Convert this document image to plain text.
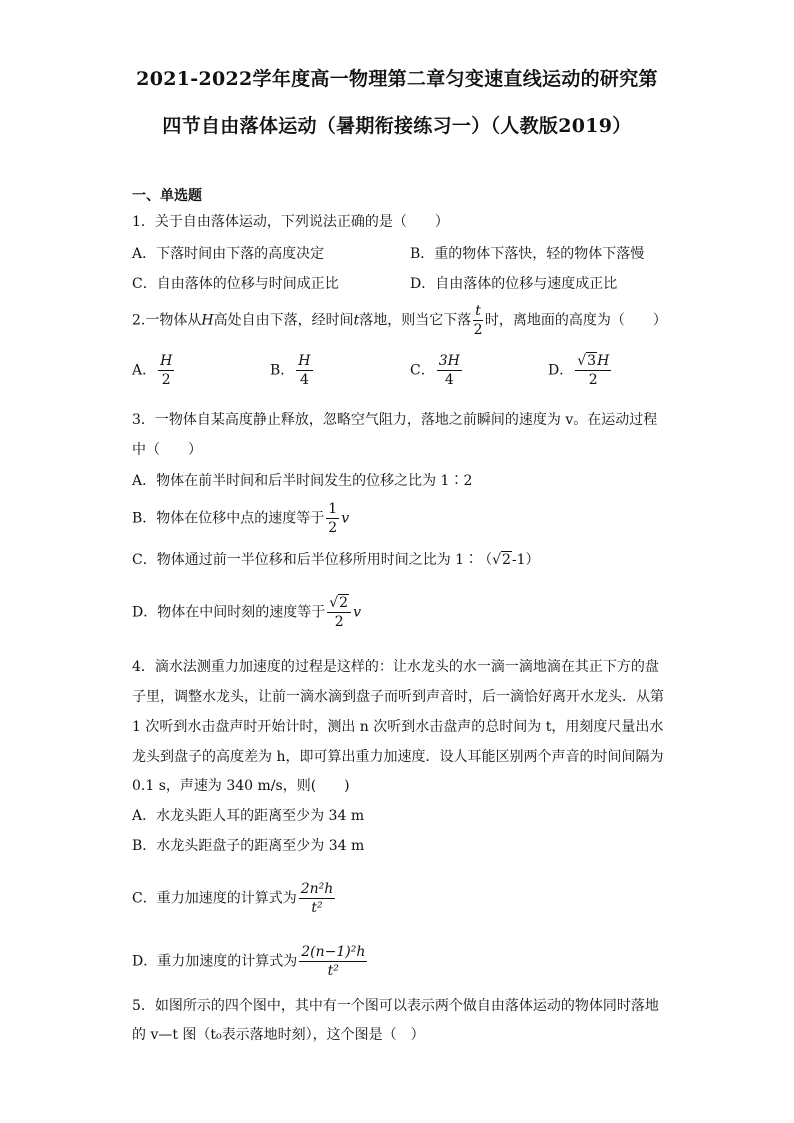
2021-2022学年度高一物理第二章匀变速直线运动的研究第
四节自由落体运动（暑期衔接练习一）（人教版2019）
一、单选题
1．关于自由落体运动，下列说法正确的是（　　）
A．下落时间由下落的高度决定	B．重的物体下落快，轻的物体下落慢
C．自由落体的位移与时间成正比	D．自由落体的位移与速度成正比
2.一物体从H高处自由下落，经时间t落地，则当它下落 $\frac{t}{2}$ 时，离地面的高度为（　　）
A． $\frac{H}{2}$	B． $\frac{H}{4}$	C． $\frac{3H}{4}$	D． $\frac{√3H}{2}$
3．一物体自某高度静止释放，忽略空气阻力，落地之前瞬间的速度为 v。在运动过程
中（　　）
A．物体在前半时间和后半时间发生的位移之比为 1∶2
B．物体在位移中点的速度等于 $\frac{1}{2}$ v
C．物体通过前一半位移和后半位移所用时间之比为 1∶（√2-1）
D．物体在中间时刻的速度等于 $\frac{√2}{2}$ v
4．滴水法测重力加速度的过程是这样的：让水龙头的水一滴一滴地滴在其正下方的盘
子里，调整水龙头，让前一滴水滴到盘子而听到声音时，后一滴恰好离开水龙头．从第
1 次听到水击盘声时开始计时，测出 n 次听到水击盘声的总时间为 t，用刻度尺量出水
龙头到盘子的高度差为 h，即可算出重力加速度．设人耳能区别两个声音的时间间隔为
0.1 s，声速为 340 m/s，则(　　)
A．水龙头距人耳的距离至少为 34 m
B．水龙头距盘子的距离至少为 34 m
C．重力加速度的计算式为 $\frac{\text{2n²h}}{\text{t²}}$
D．重力加速度的计算式为 $\frac{\text{2(n−1)²h}}{\text{t²}}$
5．如图所示的四个图中，其中有一个图可以表示两个做自由落体运动的物体同时落地
的 v—t 图（t₀表示落地时刻），这个图是（　）
